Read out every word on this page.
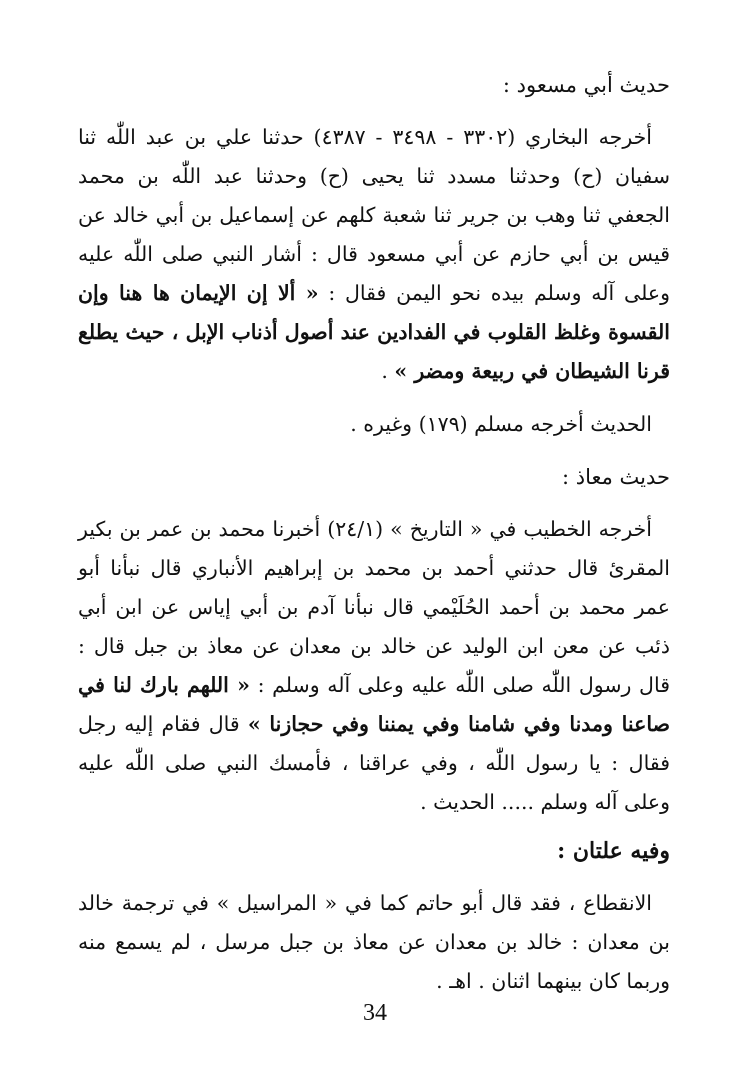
حديث أبي مسعود :

أخرجه البخاري (٣٣٠٢ - ٣٤٩٨ - ٤٣٨٧) حدثنا علي بن عبد اللّٰه ثنا سفيان (ح) وحدثنا مسدد ثنا يحيى (ح) وحدثنا عبد اللّٰه بن محمد الجعفي ثنا وهب بن جرير ثنا شعبة كلهم عن إسماعيل بن أبي خالد عن قيس بن أبي حازم عن أبي مسعود قال : أشار النبي صلى اللّٰه عليه وعلى آله وسلم بيده نحو اليمن فقال : « ألا إن الإيمان ها هنا وإن القسوة وغلظ القلوب في الفدادين عند أصول أذناب الإبل ، حيث يطلع قرنا الشيطان في ربيعة ومضر » .

الحديث أخرجه مسلم (١٧٩) وغيره .

حديث معاذ :

أخرجه الخطيب في « التاريخ » (٢٤/١) أخبرنا محمد بن عمر بن بكير المقرئ قال حدثني أحمد بن محمد بن إبراهيم الأنباري قال نبأنا أبو عمر محمد بن أحمد الحُلَيْمي قال نبأنا آدم بن أبي إياس عن ابن أبي ذئب عن معن ابن الوليد عن خالد بن معدان عن معاذ بن جبل قال : قال رسول اللّٰه صلى اللّٰه عليه وعلى آله وسلم : « اللهم بارك لنا في صاعنا ومدنا وفي شامنا وفي يمننا وفي حجازنا » قال فقام إليه رجل فقال : يا رسول اللّٰه ، وفي عراقنا ، فأمسك النبي صلى اللّٰه عليه وعلى آله وسلم ..... الحديث .

وفيه علتان :

الانقطاع ، فقد قال أبو حاتم كما في « المراسيل » في ترجمة خالد بن معدان : خالد بن معدان عن معاذ بن جبل مرسل ، لم يسمع منه وربما كان بينهما اثنان . اهـ .

34
